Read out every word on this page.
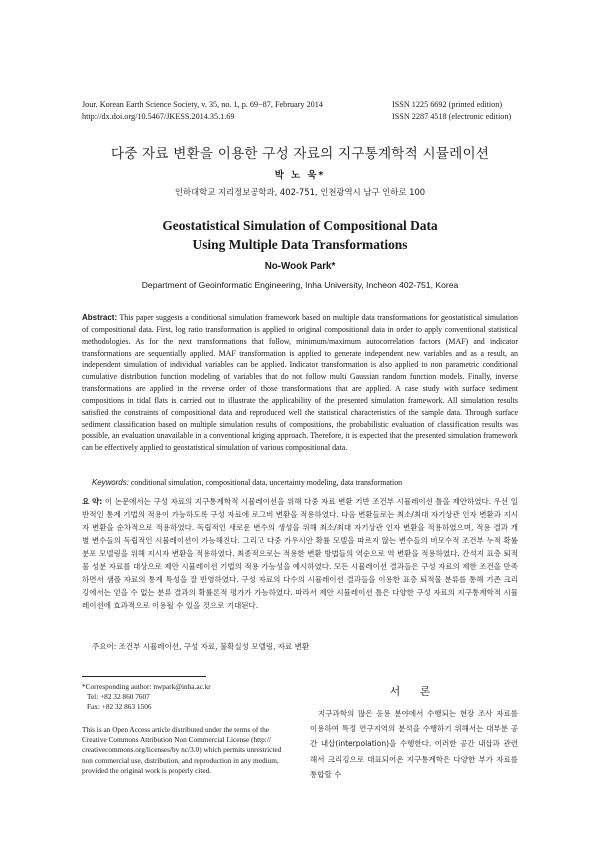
Jour. Korean Earth Science Society, v. 35, no. 1, p. 69−87, February 2014
http://dx.doi.org/10.5467/JKESS.2014.35.1.69
ISSN 1225 6692 (printed edition)
ISSN 2287 4518 (electronic edition)
다중 자료 변환을 이용한 구성 자료의 지구통계학적 시뮬레이션
박 노 욱*
인하대학교 지리정보공학과, 402-751, 인천광역시 남구 인하로 100
Geostatistical Simulation of Compositional Data
Using Multiple Data Transformations
No-Wook Park*
Department of Geoinformatic Engineering, Inha University, Incheon 402-751, Korea
Abstract: This paper suggests a conditional simulation framework based on multiple data transformations for geostatistical simulation of compositional data. First, log ratio transformation is applied to original compositional data in order to apply conventional statistical methodologies. As for the next transformations that follow, minimum/maximum autocorrelation factors (MAF) and indicator transformations are sequentially applied. MAF transformation is applied to generate independent new variables and as a result, an independent simulation of individual variables can be applied. Indicator transformation is also applied to non parametric conditional cumulative distribution function modeling of variables that do not follow multi Gaussian random function models. Finally, inverse transformations are applied in the reverse order of those transformations that are applied. A case study with surface sediment compositions in tidal flats is carried out to illustrate the applicability of the presented simulation framework. All simulation results satisfied the constraints of compositional data and reproduced well the statistical characteristics of the sample data. Through surface sediment classification based on multiple simulation results of compositions, the probabilistic evaluation of classification results was possible, an evaluation unavailable in a conventional kriging approach. Therefore, it is expected that the presented simulation framework can be effectively applied to geostatistical simulation of various compositional data.
Keywords: conditional simulation, compositional data, uncertainty modeling, data transformation
요 약: 이 논문에서는 구성 자료의 지구통계학적 시뮬레이션을 위해 다중 자료 변환 기반 조건부 시뮬레이션 틀을 제안하였다. 우선 일반적인 통계 기법의 적용이 가능하도록 구성 자료에 로그비 변환을 적용하였다. 다음 변환들로는 최소/최대 자기상관 인자 변환과 지시자 변환을 순차적으로 적용하였다. 독립적인 새로운 변수의 생성을 위해 최소/최대 자기상관 인자 변환을 적용하였으며, 적용 결과 개별 변수들의 독립적인 시뮬레이션이 가능해진다. 그리고 다중 가우시안 확률 모델을 따르지 않는 변수들의 비모수적 조건부 누적 확률 분포 모델링을 위해 지시자 변환을 적용하였다. 최종적으로는 적용한 변환 방법들의 역순으로 역 변환을 적용하였다. 간석지 표층 퇴적물 성분 자료를 대상으로 제안 시뮬레이션 기법의 적용 가능성을 예시하였다. 모든 시뮬레이션 결과들은 구성 자료의 제한 조건을 만족하면서 샘플 자료의 통계 특성을 잘 반영하였다. 구성 자료의 다수의 시뮬레이션 결과들을 이용한 표층 퇴적물 분류를 통해 기존 크리깅에서는 얻을 수 없는 분류 결과의 확률론적 평가가 가능하였다. 따라서 제안 시뮬레이션 틀은 다양한 구성 자료의 지구통계학적 시뮬레이션에 효과적으로 이용될 수 있을 것으로 기대된다.
주요어: 조건부 시뮬레이션, 구성 자료, 불확실성 모델링, 자료 변환
*Corresponding author: nwpark@inha.ac.kr
Tel: +82 32 860 7607
Fax: +82 32 863 1506
This is an Open Access article distributed under the terms of the Creative Commons Attribution Non Commercial License (http:// creativecommons.org/licenses/by nc/3.0) which permits unrestricted non commercial use, distribution, and reproduction in any medium, provided the original work is properly cited.
서 론
지구과학의 많은 응용 분야에서 수행되는 현장 조사 자료를 이용하여 특정 연구지역의 분석을 수행하기 위해서는 대부분 공간 내삽(interpolation)을 수행한다. 이러한 공간 내삽과 관련해서 크리깅으로 대표되어온 지구통계학은 다양한 부가 자료를 통합할 수
